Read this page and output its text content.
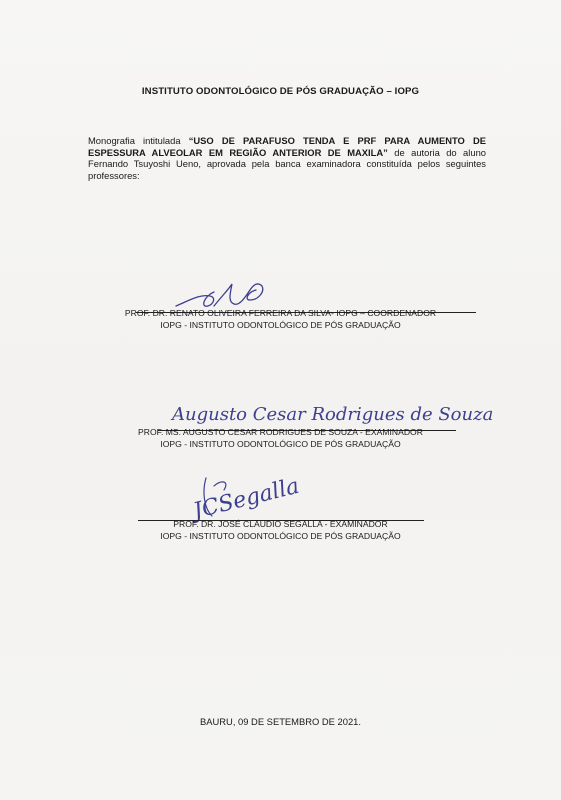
INSTITUTO ODONTOLÓGICO DE PÓS GRADUAÇÃO – IOPG
Monografia intitulada “USO DE PARAFUSO TENDA E PRF PARA AUMENTO DE ESPESSURA ALVEOLAR EM REGIÃO ANTERIOR DE MAXILA” de autoria do aluno Fernando Tsuyoshi Ueno, aprovada pela banca examinadora constituída pelos seguintes professores:
PROF. DR. RENATO OLIVEIRA FERREIRA DA SILVA- IOPG – COORDENADOR
IOPG - INSTITUTO ODONTOLÓGICO DE PÓS GRADUAÇÃO
Augusto Cesar Rodrigues de Souza
PROF. MS. AUGUSTO CESAR RODRIGUES DE SOUZA - EXAMINADOR
IOPG - INSTITUTO ODONTOLÓGICO DE PÓS GRADUAÇÃO
JCSegalla
PROF. DR. JOSÉ CLAUDIO SEGALLA - EXAMINADOR
IOPG - INSTITUTO ODONTOLÓGICO DE PÓS GRADUAÇÃO
BAURU, 09 DE SETEMBRO DE 2021.
